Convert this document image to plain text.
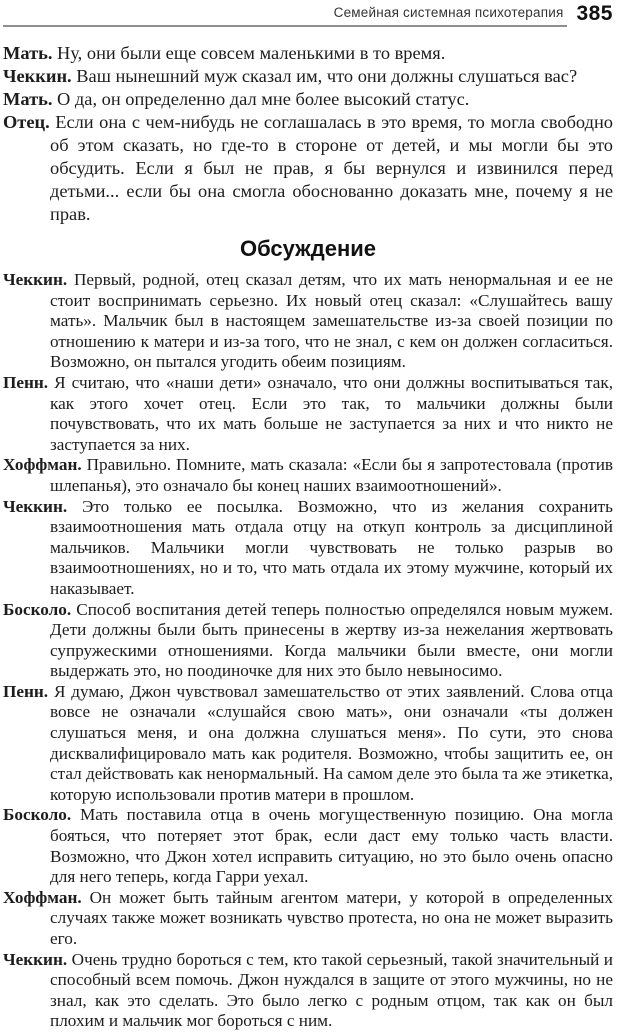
Семейная системная психотерапия 385

Мать. Ну, они были еще совсем маленькими в то время.

Чеккин. Ваш нынешний муж сказал им, что они должны слушаться вас?

Мать. О да, он определенно дал мне более высокий статус.

Отец. Если она с чем-нибудь не соглашалась в это время, то могла свободно об этом сказать, но где-то в стороне от детей, и мы могли бы это обсудить. Если я был не прав, я бы вернулся и извинился перед детьми... если бы она смогла обоснованно доказать мне, почему я не прав.

Обсуждение

Чеккин. Первый, родной, отец сказал детям, что их мать ненормальная и ее не стоит воспринимать серьезно. Их новый отец сказал: «Слушайтесь вашу мать». Мальчик был в настоящем замешательстве из-за своей позиции по отношению к матери и из-за того, что не знал, с кем он должен согласиться. Возможно, он пытался угодить обеим позициям.

Пенн. Я считаю, что «наши дети» означало, что они должны воспитываться так, как этого хочет отец. Если это так, то мальчики должны были почувствовать, что их мать больше не заступается за них и что никто не заступается за них.

Хоффман. Правильно. Помните, мать сказала: «Если бы я запротестовала (против шлепанья), это означало бы конец наших взаимоотношений».

Чеккин. Это только ее посылка. Возможно, что из желания сохранить взаимоотношения мать отдала отцу на откуп контроль за дисциплиной мальчиков. Мальчики могли чувствовать не только разрыв во взаимоотношениях, но и то, что мать отдала их этому мужчине, который их наказывает.

Босколо. Способ воспитания детей теперь полностью определялся новым мужем. Дети должны были быть принесены в жертву из-за нежелания жертвовать супружескими отношениями. Когда мальчики были вместе, они могли выдержать это, но поодиночке для них это было невыносимо.

Пенн. Я думаю, Джон чувствовал замешательство от этих заявлений. Слова отца вовсе не означали «слушайся свою мать», они означали «ты должен слушаться меня, и она должна слушаться меня». По сути, это снова дисквалифицировало мать как родителя. Возможно, чтобы защитить ее, он стал действовать как ненормальный. На самом деле это была та же этикетка, которую использовали против матери в прошлом.

Босколо. Мать поставила отца в очень могущественную позицию. Она могла бояться, что потеряет этот брак, если даст ему только часть власти. Возможно, что Джон хотел исправить ситуацию, но это было очень опасно для него теперь, когда Гарри уехал.

Хоффман. Он может быть тайным агентом матери, у которой в определенных случаях также может возникать чувство протеста, но она не может выразить его.

Чеккин. Очень трудно бороться с тем, кто такой серьезный, такой значительный и способный всем помочь. Джон нуждался в защите от этого мужчины, но не знал, как это сделать. Это было легко с родным отцом, так как он был плохим и мальчик мог бороться с ним.
